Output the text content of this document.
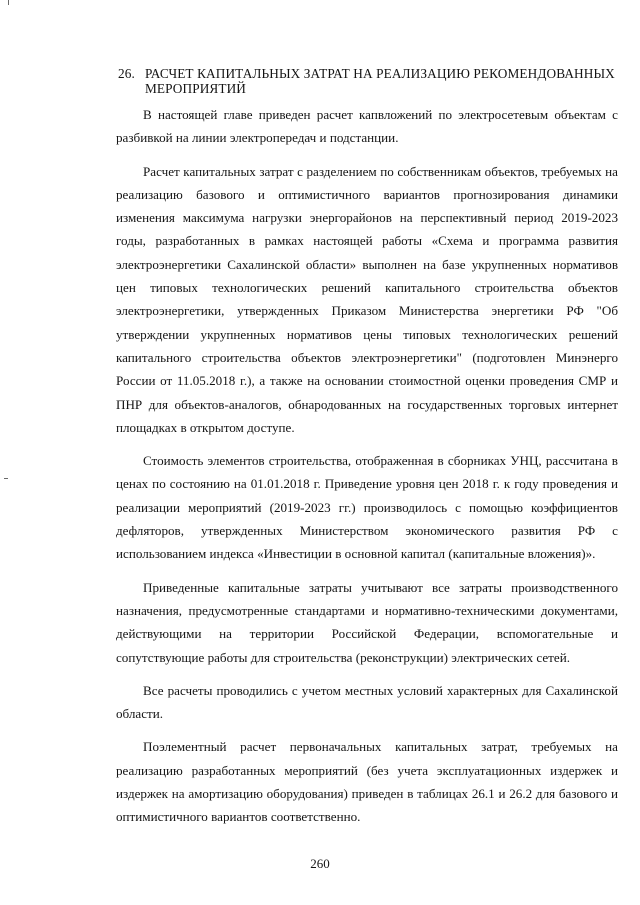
26. РАСЧЕТ КАПИТАЛЬНЫХ ЗАТРАТ НА РЕАЛИЗАЦИЮ РЕКОМЕНДОВАННЫХ МЕРОПРИЯТИЙ

В настоящей главе приведен расчет капвложений по электросетевым объектам с разбивкой на линии электропередач и подстанции.

Расчет капитальных затрат с разделением по собственникам объектов, требуемых на реализацию базового и оптимистичного вариантов прогнозирования динамики изменения максимума нагрузки энергорайонов на перспективный период 2019-2023 годы, разработанных в рамках настоящей работы «Схема и программа развития электроэнергетики Сахалинской области» выполнен на базе укрупненных нормативов цен типовых технологических решений капитального строительства объектов электроэнергетики, утвержденных Приказом Министерства энергетики РФ "Об утверждении укрупненных нормативов цены типовых технологических решений капитального строительства объектов электроэнергетики" (подготовлен Минэнерго России от 11.05.2018 г.), а также на основании стоимостной оценки проведения СМР и ПНР для объектов-аналогов, обнародованных на государственных торговых интернет площадках в открытом доступе.

Стоимость элементов строительства, отображенная в сборниках УНЦ, рассчитана в ценах по состоянию на 01.01.2018 г. Приведение уровня цен 2018 г. к году проведения и реализации мероприятий (2019-2023 гг.) производилось с помощью коэффициентов дефляторов, утвержденных Министерством экономического развития РФ с использованием индекса «Инвестиции в основной капитал (капитальные вложения)».

Приведенные капитальные затраты учитывают все затраты производственного назначения, предусмотренные стандартами и нормативно-техническими документами, действующими на территории Российской Федерации, вспомогательные и сопутствующие работы для строительства (реконструкции) электрических сетей.

Все расчеты проводились с учетом местных условий характерных для Сахалинской области.

Поэлементный расчет первоначальных капитальных затрат, требуемых на реализацию разработанных мероприятий (без учета эксплуатационных издержек и издержек на амортизацию оборудования) приведен в таблицах 26.1 и 26.2 для базового и оптимистичного вариантов соответственно.

260
